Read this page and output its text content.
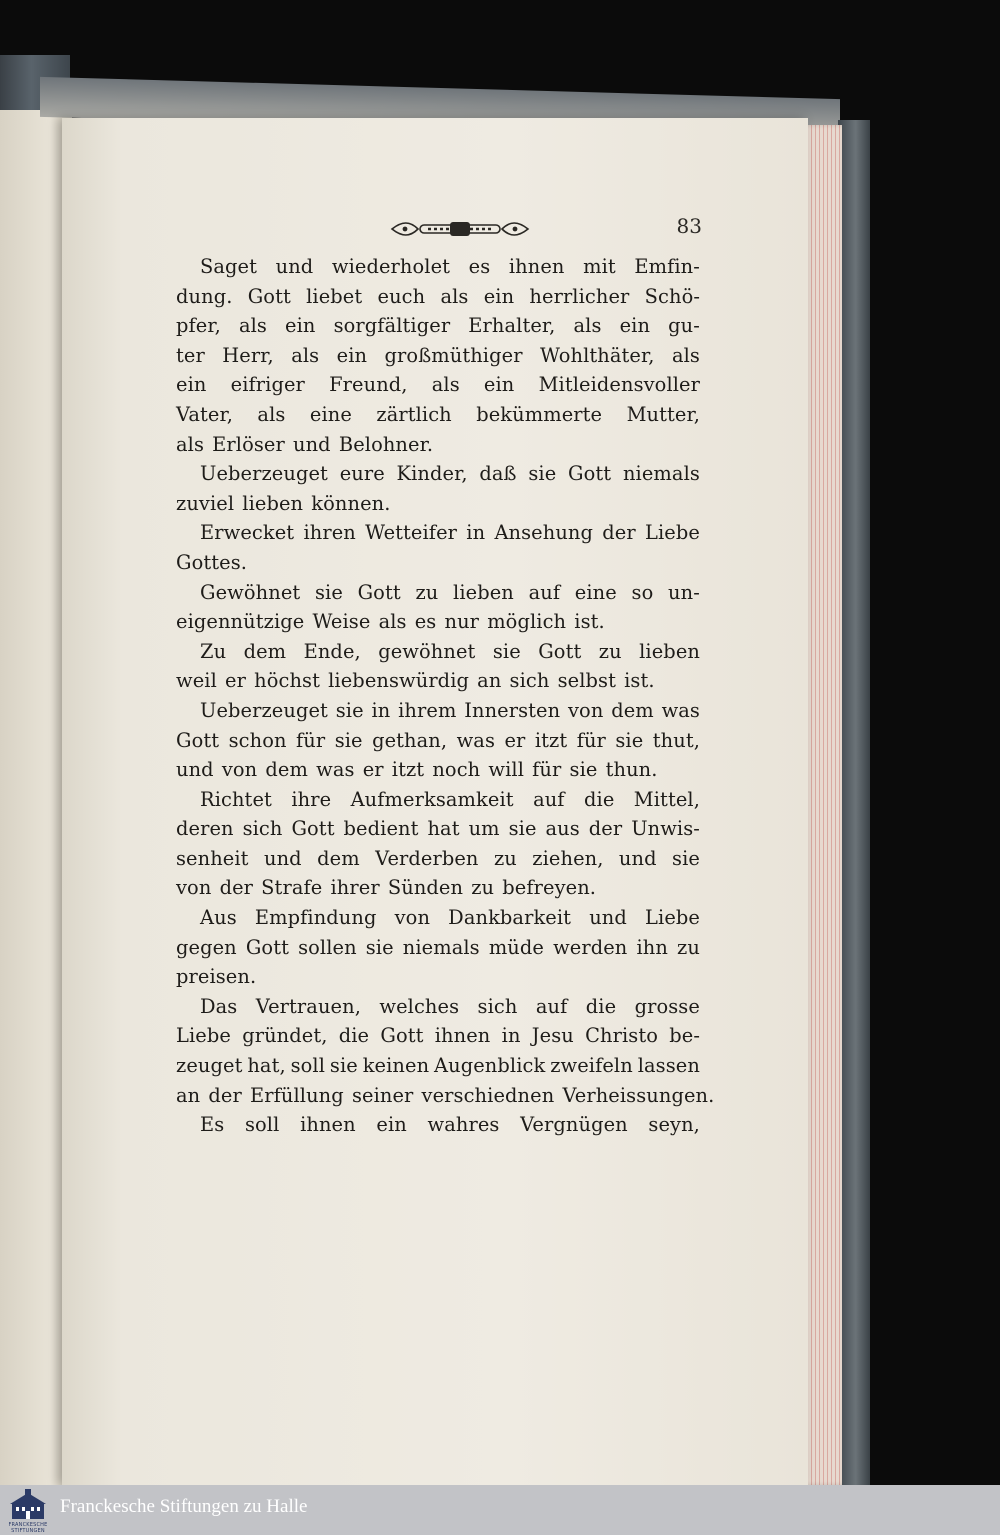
83
Saget und wiederholet es ihnen mit Emfin-
dung. Gott liebet euch als ein herrlicher Schö-
pfer, als ein sorgfältiger Erhalter, als ein gu-
ter Herr, als ein großmüthiger Wohlthäter, als
ein eifriger Freund, als ein Mitleidensvoller
Vater, als eine zärtlich bekümmerte Mutter,
als Erlöser und Belohner.
Ueberzeuget eure Kinder, daß sie Gott niemals
zuviel lieben können.
Erwecket ihren Wetteifer in Ansehung der Liebe
Gottes.
Gewöhnet sie Gott zu lieben auf eine so un-
eigennützige Weise als es nur möglich ist.
Zu dem Ende, gewöhnet sie Gott zu lieben
weil er höchst liebenswürdig an sich selbst ist.
Ueberzeuget sie in ihrem Innersten von dem was
Gott schon für sie gethan, was er itzt für sie thut,
und von dem was er itzt noch will für sie thun.
Richtet ihre Aufmerksamkeit auf die Mittel,
deren sich Gott bedient hat um sie aus der Unwis-
senheit und dem Verderben zu ziehen, und sie
von der Strafe ihrer Sünden zu befreyen.
Aus Empfindung von Dankbarkeit und Liebe
gegen Gott sollen sie niemals müde werden ihn zu
preisen.
Das Vertrauen, welches sich auf die grosse
Liebe gründet, die Gott ihnen in Jesu Christo be-
zeuget hat, soll sie keinen Augenblick zweifeln lassen
an der Erfüllung seiner verschiednen Verheissungen.
Es soll ihnen ein wahres Vergnügen seyn,
FRANCKESCHE
STIFTUNGEN
Franckesche Stiftungen zu Halle
